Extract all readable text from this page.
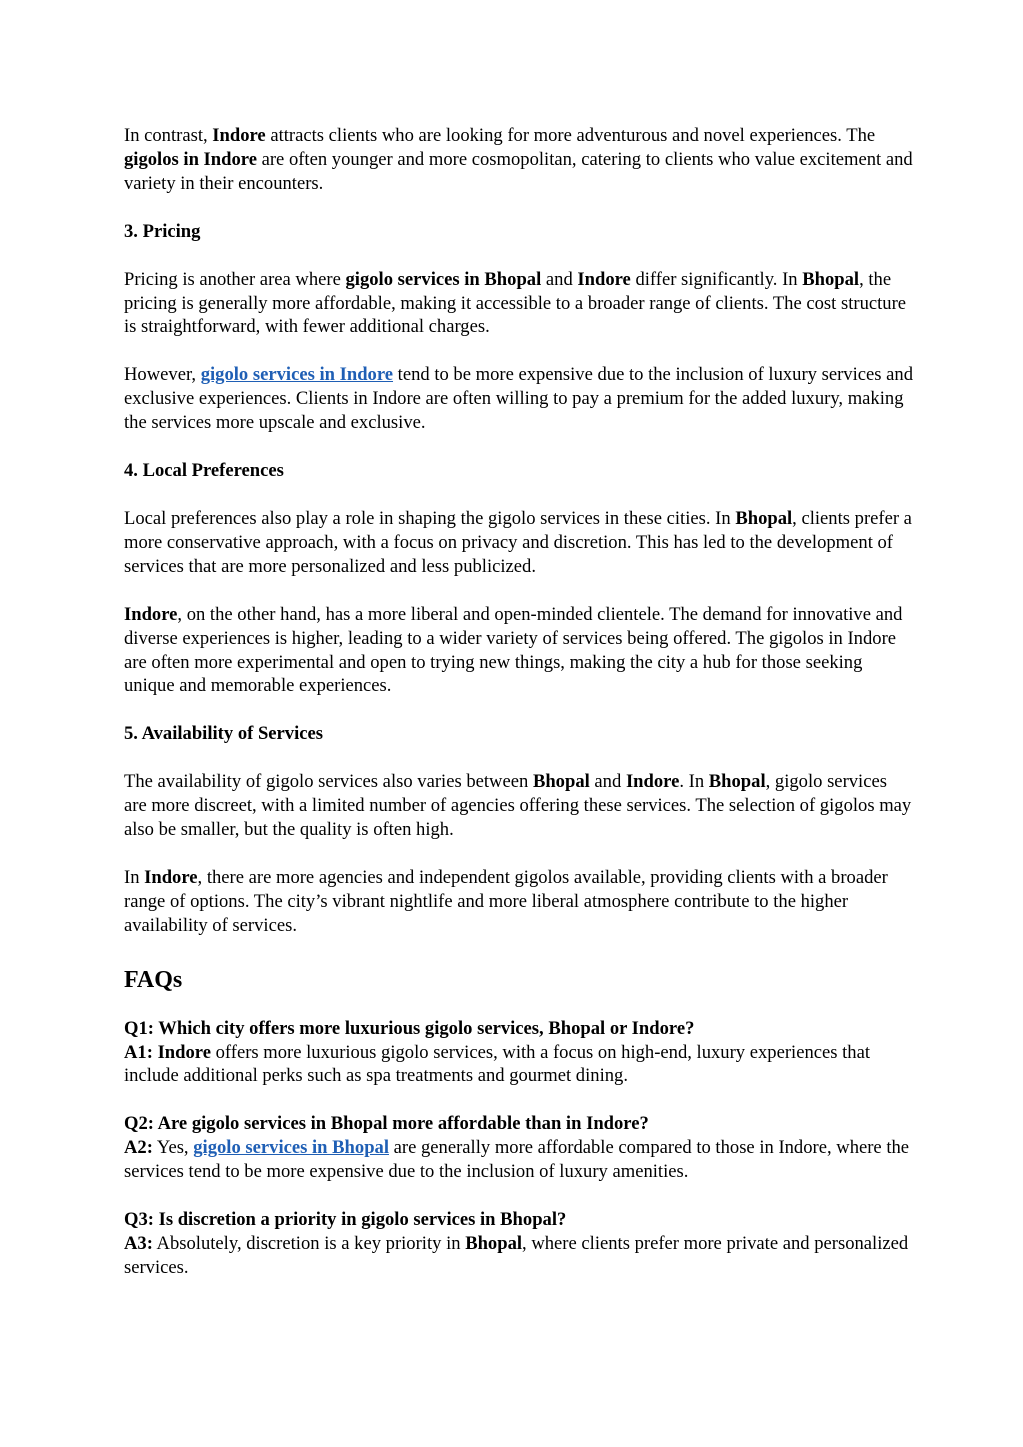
In contrast, Indore attracts clients who are looking for more adventurous and novel experiences. The gigolos in Indore are often younger and more cosmopolitan, catering to clients who value excitement and variety in their encounters.

3. Pricing

Pricing is another area where gigolo services in Bhopal and Indore differ significantly. In Bhopal, the pricing is generally more affordable, making it accessible to a broader range of clients. The cost structure is straightforward, with fewer additional charges.

However, gigolo services in Indore tend to be more expensive due to the inclusion of luxury services and exclusive experiences. Clients in Indore are often willing to pay a premium for the added luxury, making the services more upscale and exclusive.

4. Local Preferences

Local preferences also play a role in shaping the gigolo services in these cities. In Bhopal, clients prefer a more conservative approach, with a focus on privacy and discretion. This has led to the development of services that are more personalized and less publicized.

Indore, on the other hand, has a more liberal and open-minded clientele. The demand for innovative and diverse experiences is higher, leading to a wider variety of services being offered. The gigolos in Indore are often more experimental and open to trying new things, making the city a hub for those seeking unique and memorable experiences.

5. Availability of Services

The availability of gigolo services also varies between Bhopal and Indore. In Bhopal, gigolo services are more discreet, with a limited number of agencies offering these services. The selection of gigolos may also be smaller, but the quality is often high.

In Indore, there are more agencies and independent gigolos available, providing clients with a broader range of options. The city’s vibrant nightlife and more liberal atmosphere contribute to the higher availability of services.

FAQs
Q1: Which city offers more luxurious gigolo services, Bhopal or Indore?
A1: Indore offers more luxurious gigolo services, with a focus on high-end, luxury experiences that include additional perks such as spa treatments and gourmet dining.
Q2: Are gigolo services in Bhopal more affordable than in Indore?
A2: Yes, gigolo services in Bhopal are generally more affordable compared to those in Indore, where the services tend to be more expensive due to the inclusion of luxury amenities.
Q3: Is discretion a priority in gigolo services in Bhopal?
A3: Absolutely, discretion is a key priority in Bhopal, where clients prefer more private and personalized services.
